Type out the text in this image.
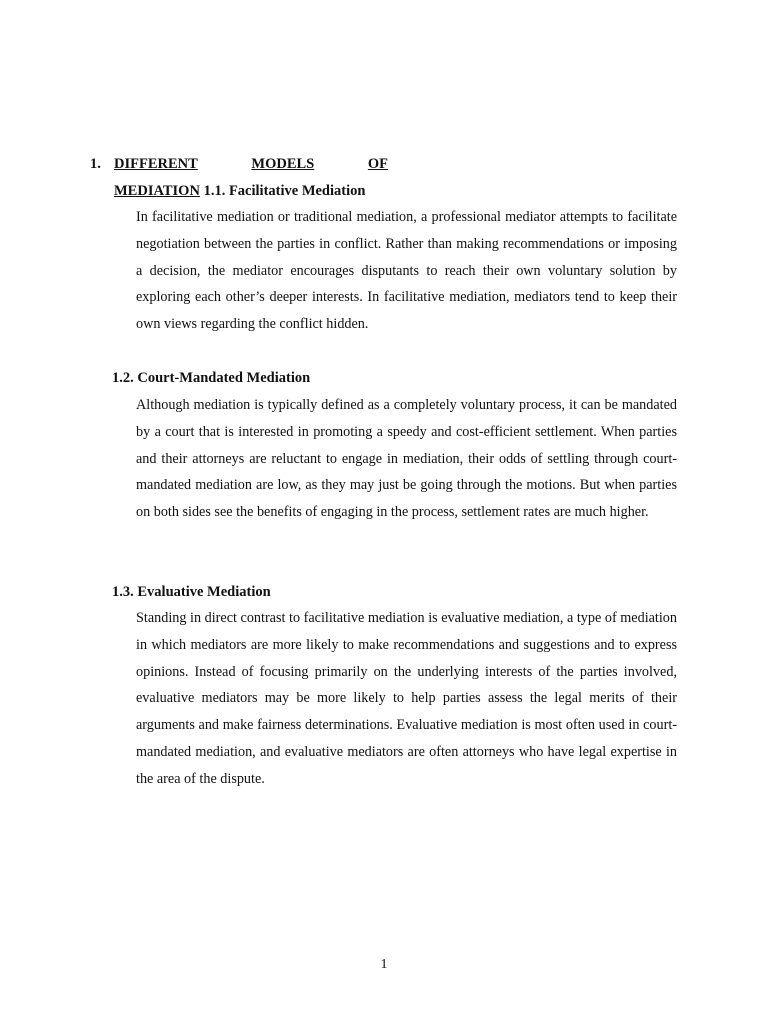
1. DIFFERENT	MODELS	OF
MEDIATION 1.1. Facilitative Mediation

In facilitative mediation or traditional mediation, a professional mediator attempts to facilitate negotiation between the parties in conflict. Rather than making recommendations or imposing a decision, the mediator encourages disputants to reach their own voluntary solution by exploring each other’s deeper interests. In facilitative mediation, mediators tend to keep their own views regarding the conflict hidden.

1.2. Court-Mandated Mediation

Although mediation is typically defined as a completely voluntary process, it can be mandated by a court that is interested in promoting a speedy and cost-efficient settlement. When parties and their attorneys are reluctant to engage in mediation, their odds of settling through court-mandated mediation are low, as they may just be going through the motions. But when parties on both sides see the benefits of engaging in the process, settlement rates are much higher.

1.3. Evaluative Mediation

Standing in direct contrast to facilitative mediation is evaluative mediation, a type of mediation in which mediators are more likely to make recommendations and suggestions and to express opinions. Instead of focusing primarily on the underlying interests of the parties involved, evaluative mediators may be more likely to help parties assess the legal merits of their arguments and make fairness determinations. Evaluative mediation is most often used in court-mandated mediation, and evaluative mediators are often attorneys who have legal expertise in the area of the dispute.

1
